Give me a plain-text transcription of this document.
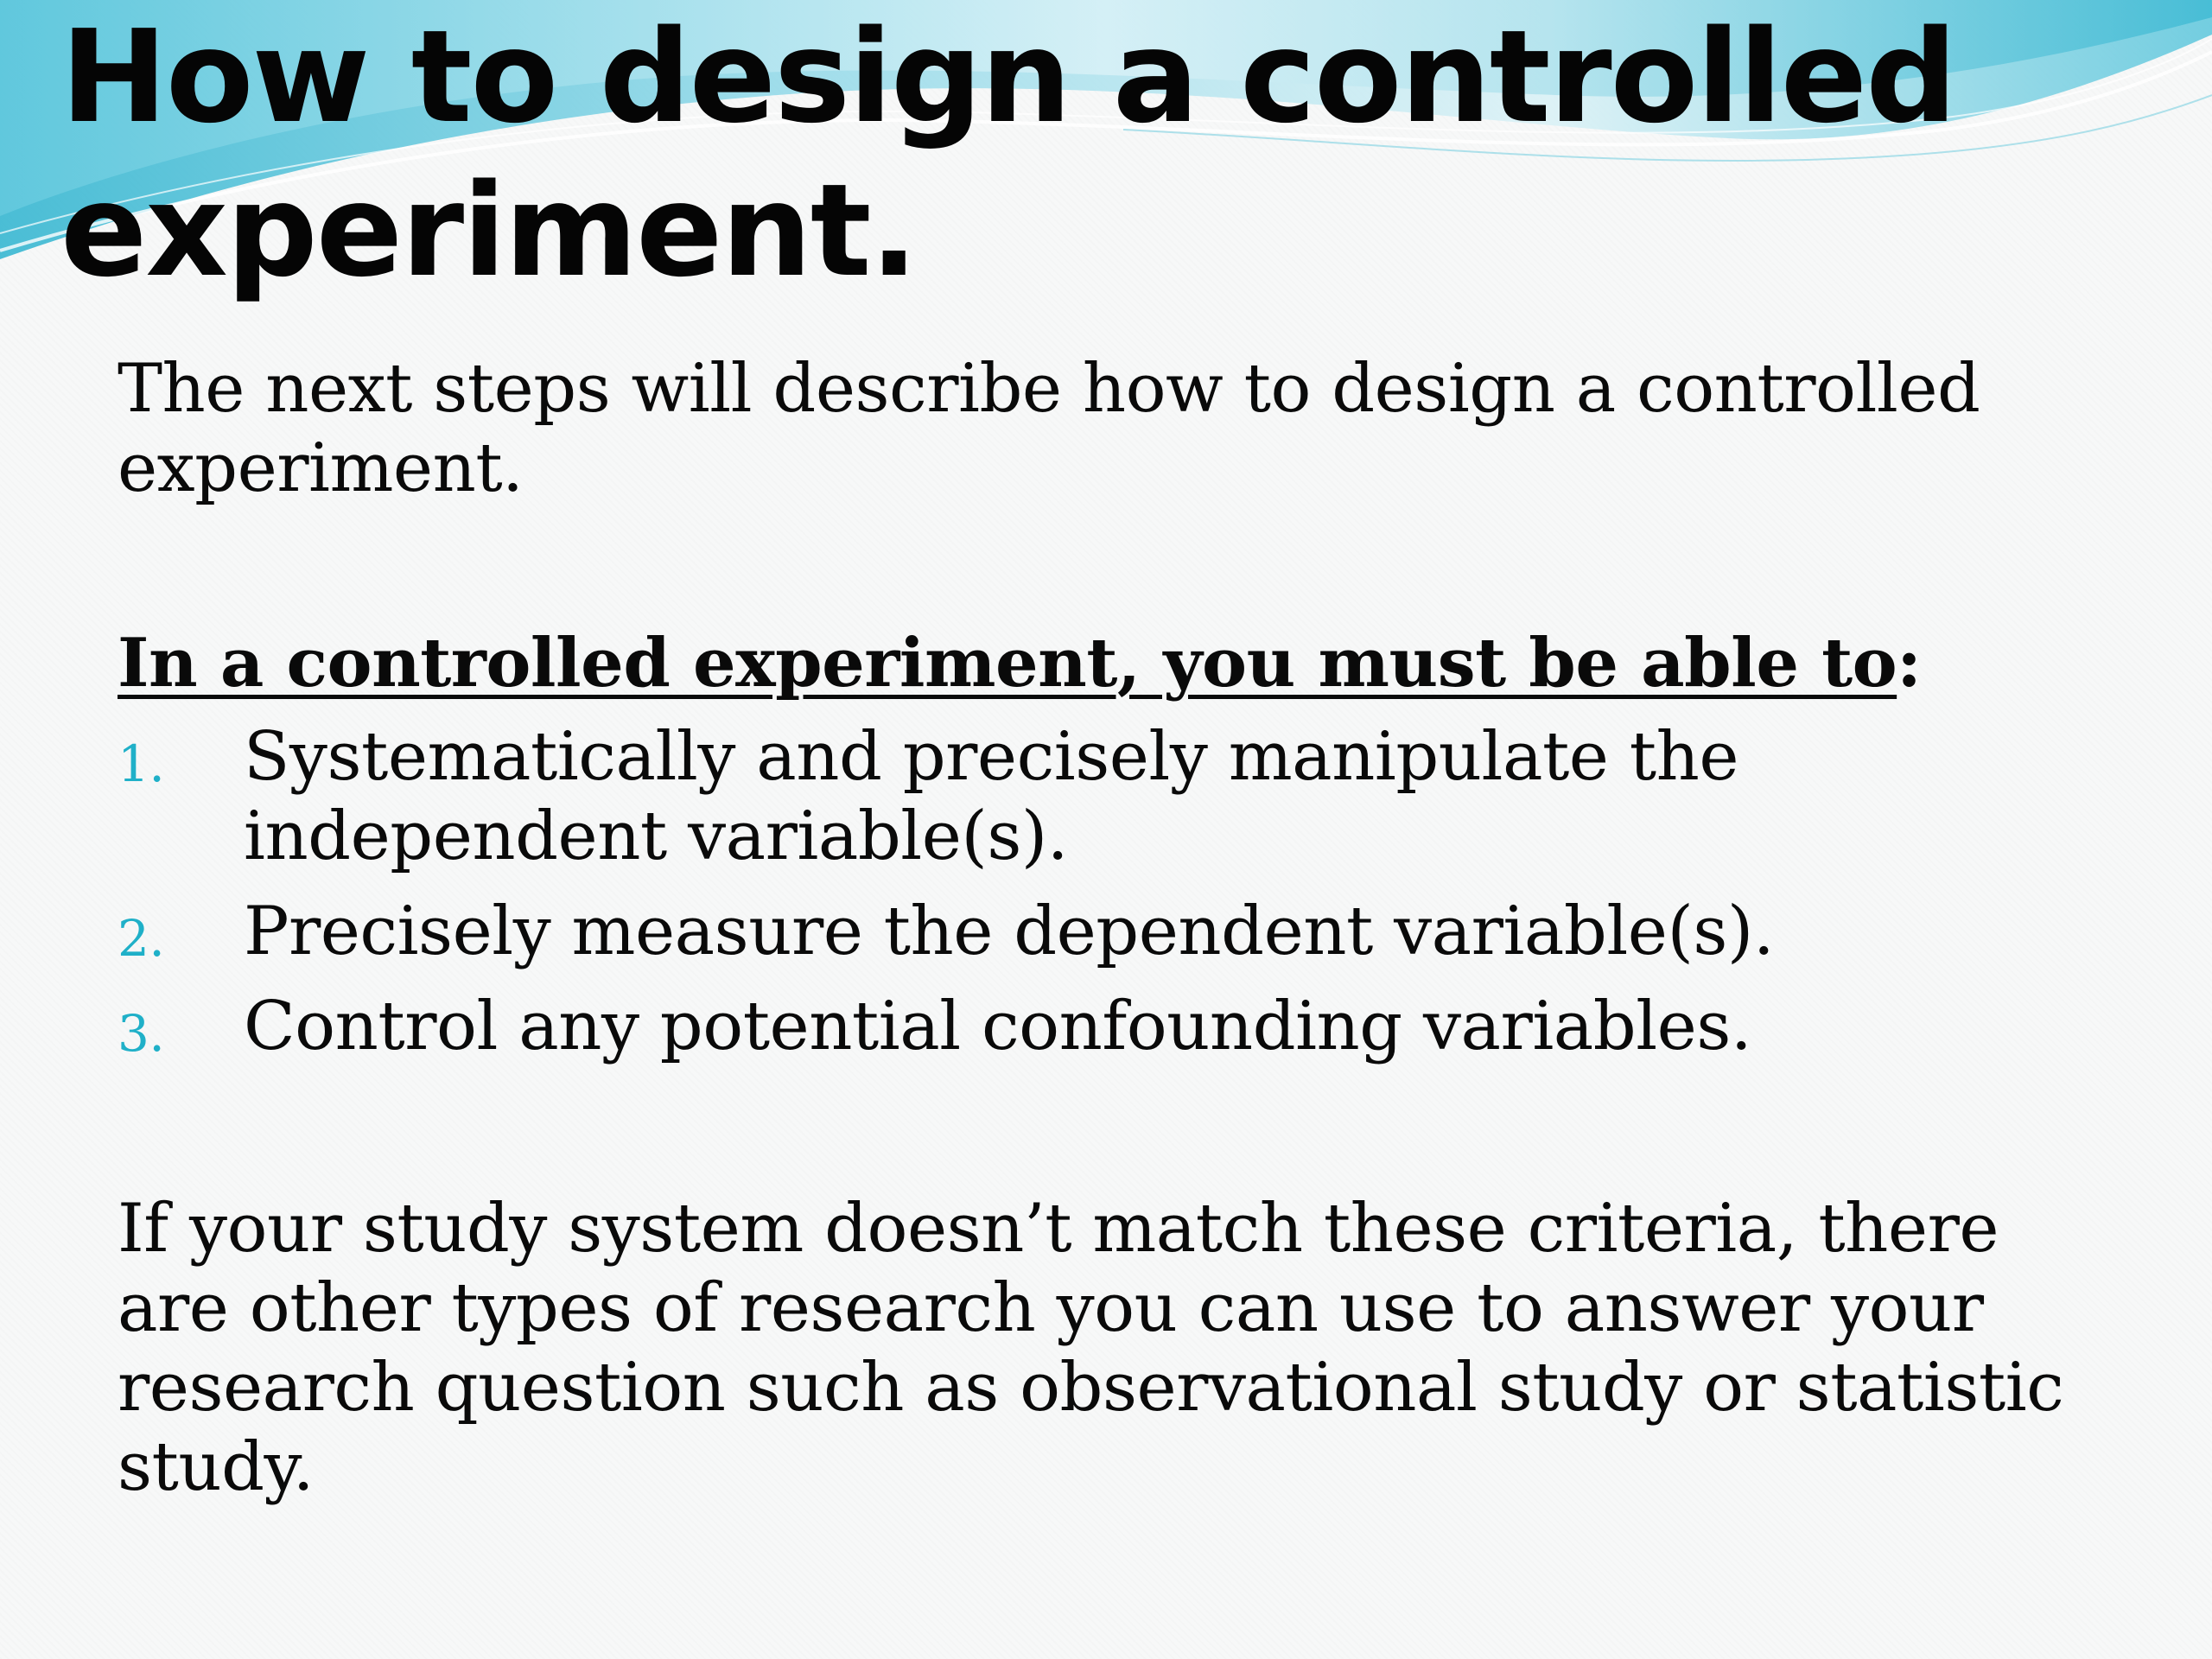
How to design a controlled experiment.

The next steps will describe how to design a controlled experiment.

In a controlled experiment, you must be able to:

1. Systematically and precisely manipulate the independent variable(s).
2. Precisely measure the dependent variable(s).
3. Control any potential confounding variables.

If your study system doesn’t match these criteria, there are other types of research you can use to answer your research question such as observational study or statistic study.
